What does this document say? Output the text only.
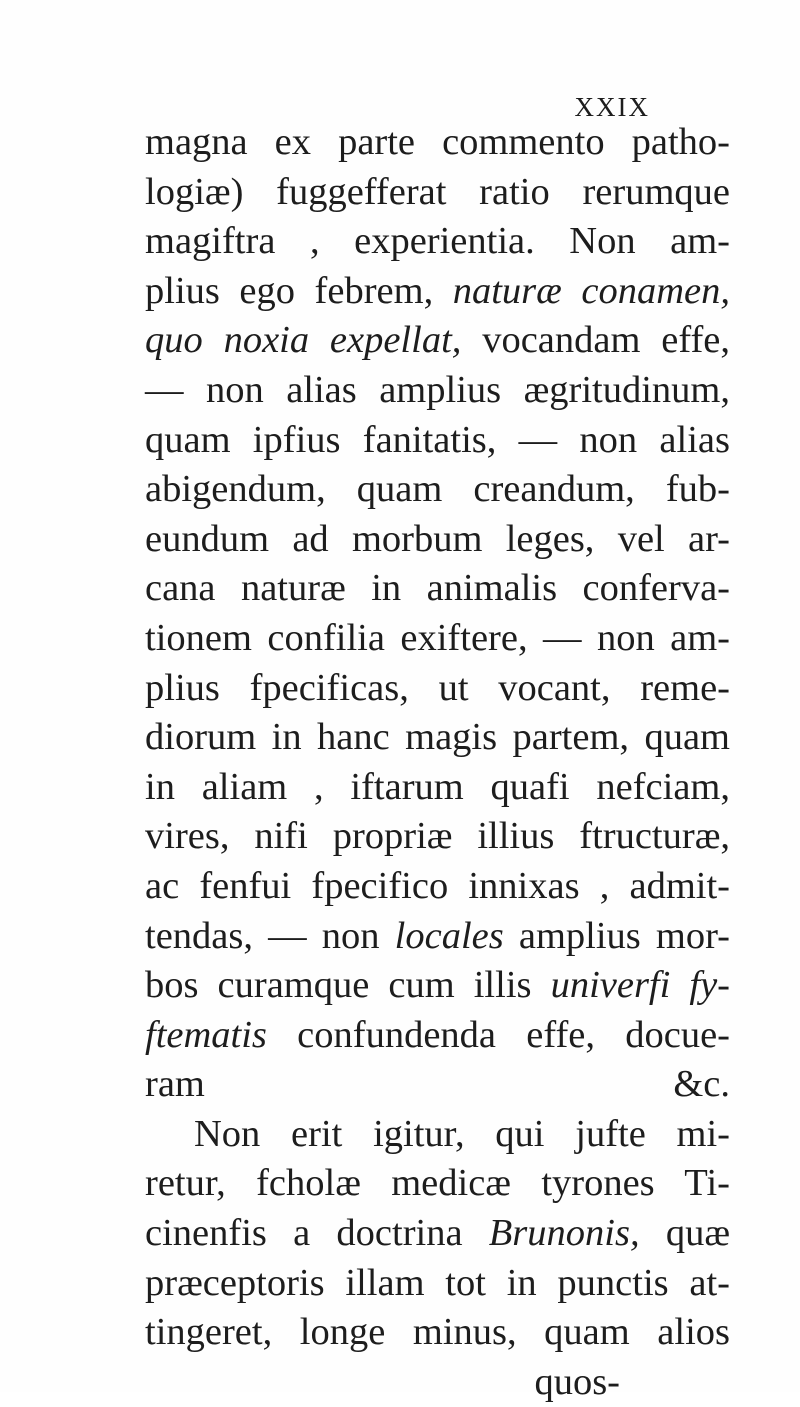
XXIX
magna ex parte commento patho-
logiæ) fuggefferat ratio rerumque
magiftra , experientia. Non am-
plius ego febrem, naturæ conamen,
quo noxia expellat, vocandam effe,
— non alias amplius ægritudinum,
quam ipfius fanitatis, — non alias
abigendum, quam creandum, fub-
eundum ad morbum leges, vel ar-
cana naturæ in animalis conferva-
tionem confilia exiftere, — non am-
plius fpecificas, ut vocant, reme-
diorum in hanc magis partem, quam
in aliam , iftarum quafi nefciam,
vires, nifi propriæ illius ftructuræ,
ac fenfui fpecifico innixas , admit-
tendas, — non locales amplius mor-
bos curamque cum illis univerfi fy-
ftematis confundenda effe, docue-
ram &c.
Non erit igitur, qui jufte mi-
retur, fcholæ medicæ tyrones Ti-
cinenfis a doctrina Brunonis, quæ
præceptoris illam tot in punctis at-
tingeret, longe minus, quam alios
quos-
